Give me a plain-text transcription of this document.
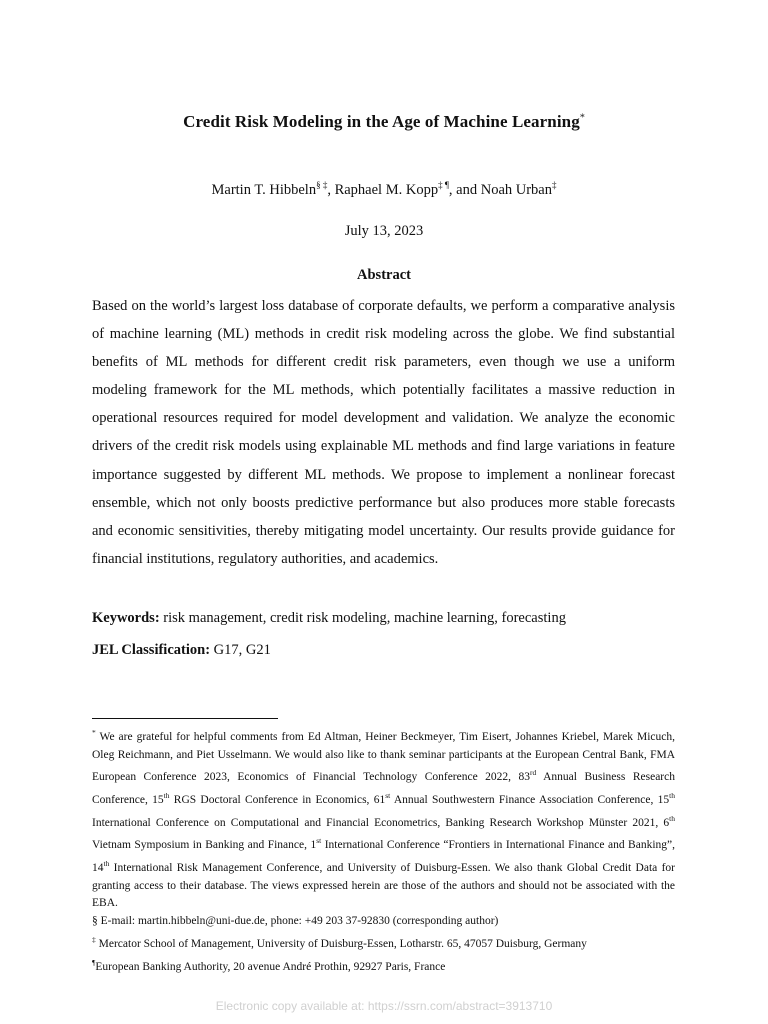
Credit Risk Modeling in the Age of Machine Learning*
Martin T. Hibbeln§ ‡, Raphael M. Kopp‡ ¶, and Noah Urban‡
July 13, 2023
Abstract
Based on the world’s largest loss database of corporate defaults, we perform a comparative analysis of machine learning (ML) methods in credit risk modeling across the globe. We find substantial benefits of ML methods for different credit risk parameters, even though we use a uniform modeling framework for the ML methods, which potentially facilitates a massive reduction in operational resources required for model development and validation. We analyze the economic drivers of the credit risk models using explainable ML methods and find large variations in feature importance suggested by different ML methods. We propose to implement a nonlinear forecast ensemble, which not only boosts predictive performance but also produces more stable forecasts and economic sensitivities, thereby mitigating model uncertainty. Our results provide guidance for financial institutions, regulatory authorities, and academics.
Keywords: risk management, credit risk modeling, machine learning, forecasting
JEL Classification: G17, G21
* We are grateful for helpful comments from Ed Altman, Heiner Beckmeyer, Tim Eisert, Johannes Kriebel, Marek Micuch, Oleg Reichmann, and Piet Usselmann. We would also like to thank seminar participants at the European Central Bank, FMA European Conference 2023, Economics of Financial Technology Conference 2022, 83rd Annual Business Research Conference, 15th RGS Doctoral Conference in Economics, 61st Annual Southwestern Finance Association Conference, 15th International Conference on Computational and Financial Econometrics, Banking Research Workshop Münster 2021, 6th Vietnam Symposium in Banking and Finance, 1st International Conference “Frontiers in International Finance and Banking”, 14th International Risk Management Conference, and University of Duisburg-Essen. We also thank Global Credit Data for granting access to their database. The views expressed herein are those of the authors and should not be associated with the EBA.
§ E-mail: martin.hibbeln@uni-due.de, phone: +49 203 37-92830 (corresponding author)
‡ Mercator School of Management, University of Duisburg-Essen, Lotharstr. 65, 47057 Duisburg, Germany
¶European Banking Authority, 20 avenue André Prothin, 92927 Paris, France
Electronic copy available at: https://ssrn.com/abstract=3913710
